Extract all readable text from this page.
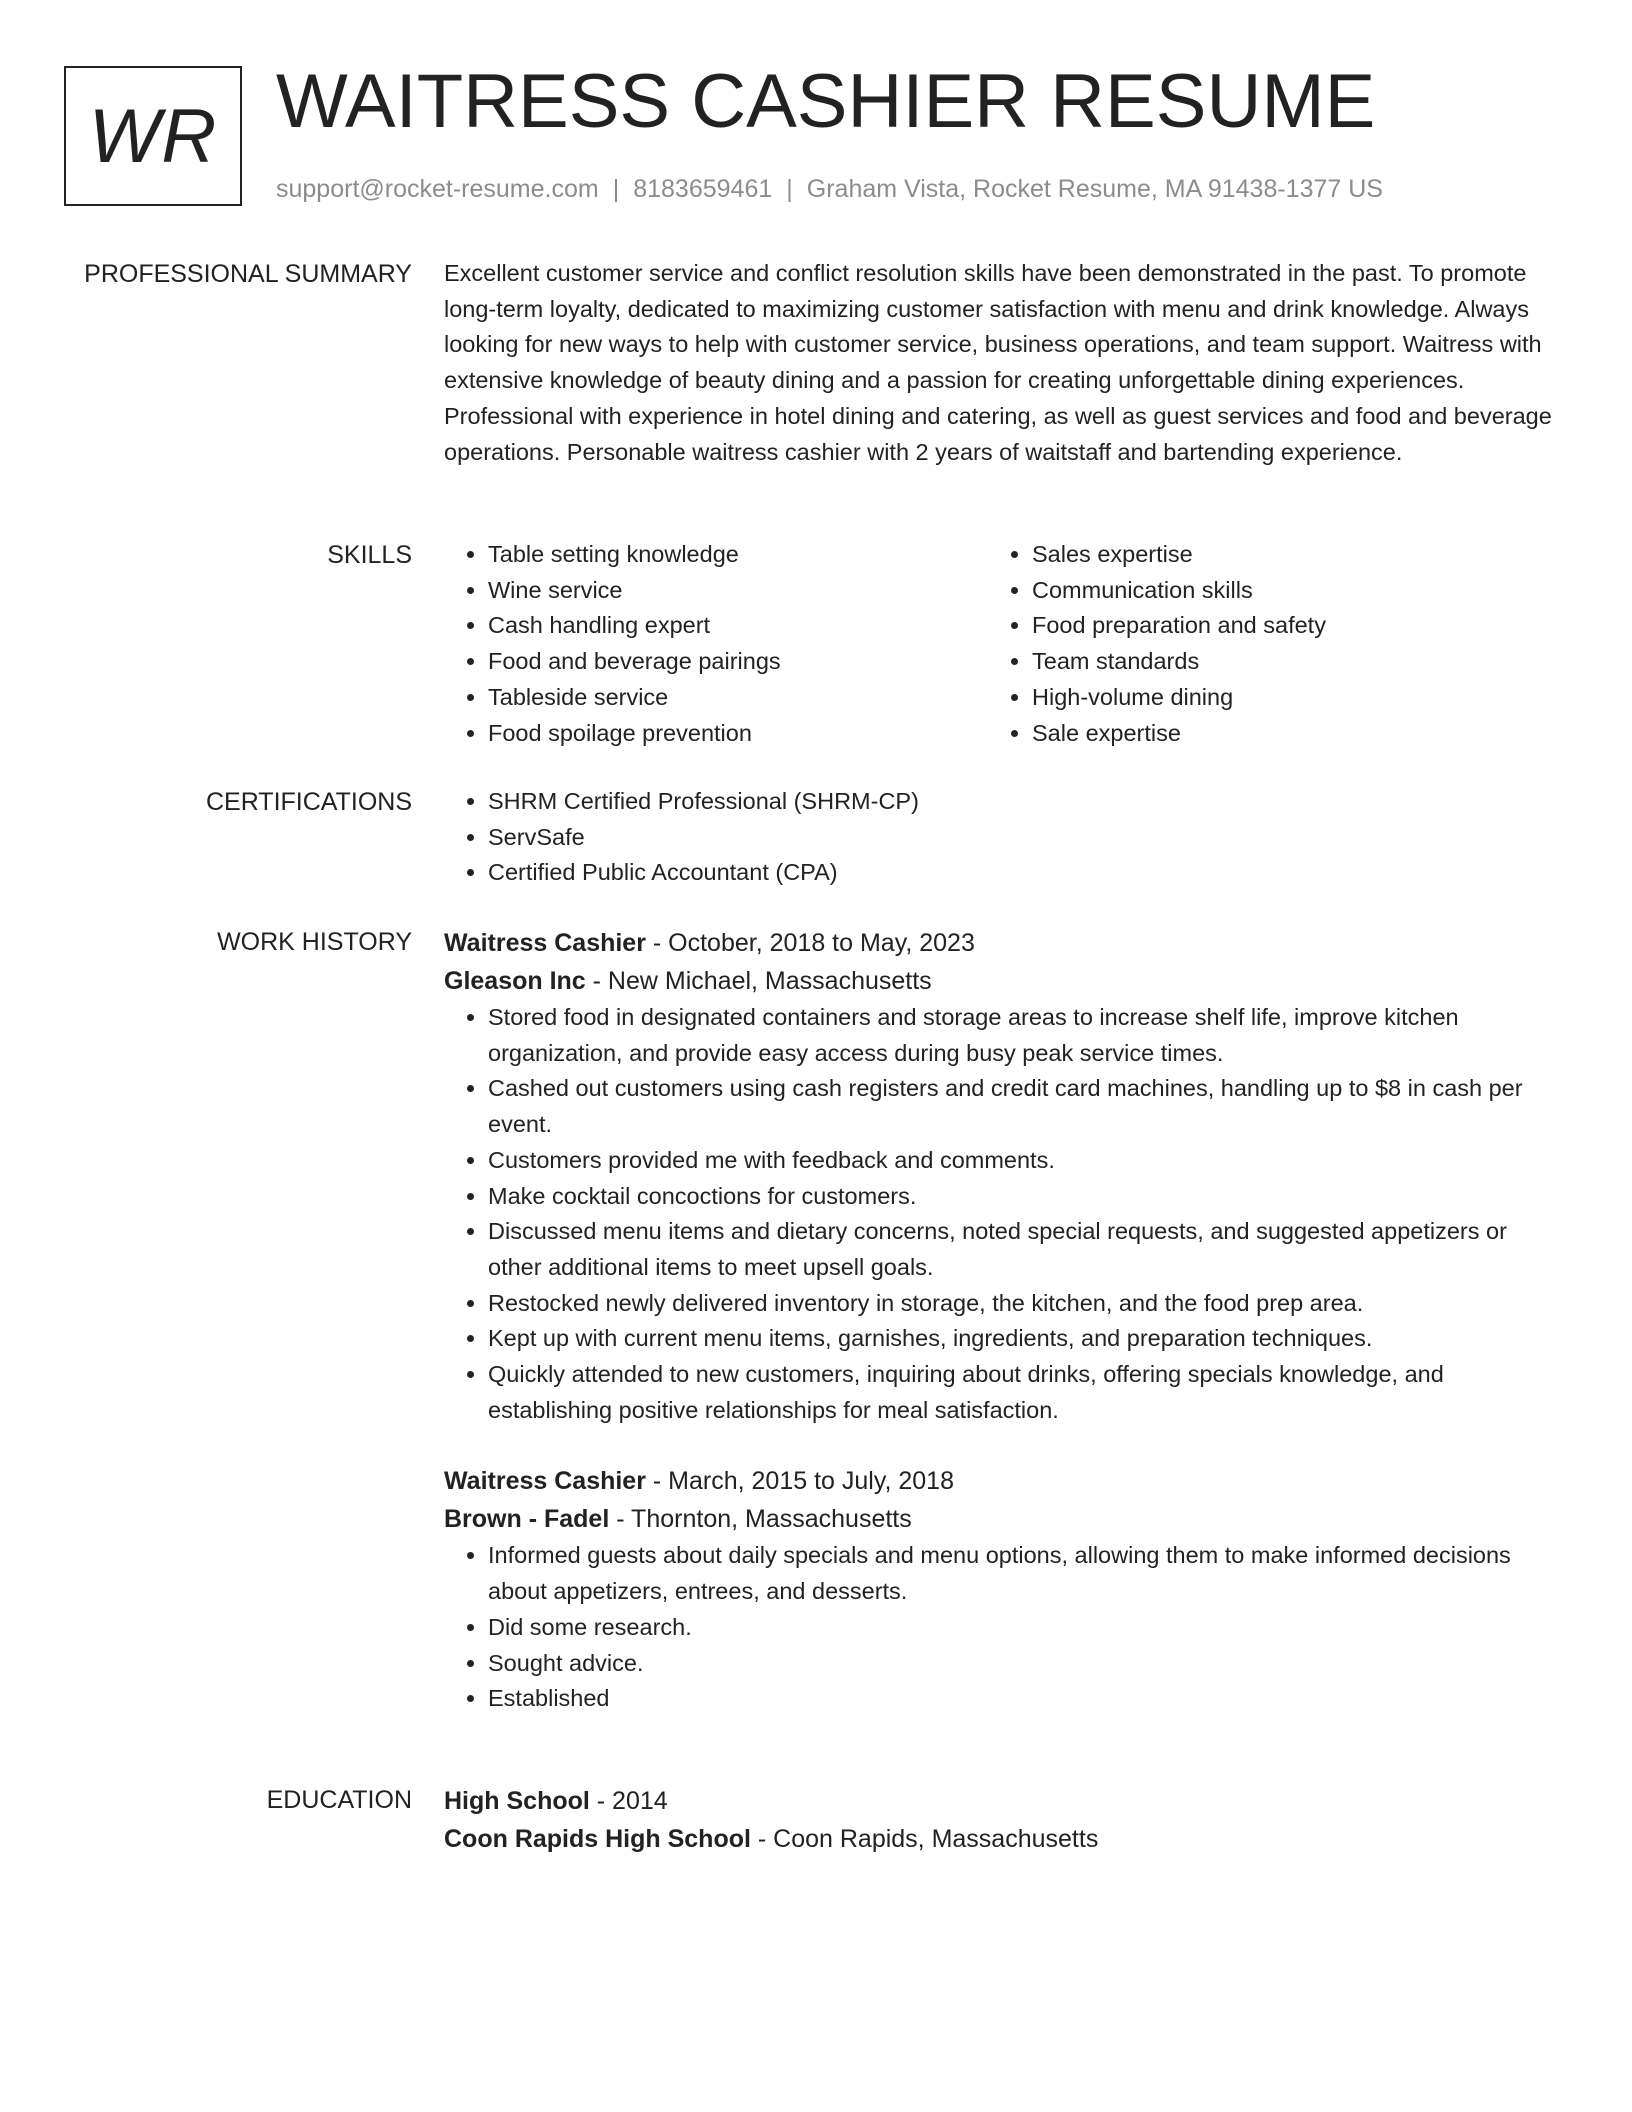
WR WAITRESS CASHIER RESUME
support@rocket-resume.com | 8183659461 | Graham Vista, Rocket Resume, MA 91438-1377 US
PROFESSIONAL SUMMARY Excellent customer service and conflict resolution skills have been demonstrated in the past. To promote long-term loyalty, dedicated to maximizing customer satisfaction with menu and drink knowledge. Always looking for new ways to help with customer service, business operations, and team support. Waitress with extensive knowledge of beauty dining and a passion for creating unforgettable dining experiences. Professional with experience in hotel dining and catering, as well as guest services and food and beverage operations. Personable waitress cashier with 2 years of waitstaff and bartending experience.

SKILLS	• Table setting knowledge
• Wine service
• Cash handling expert
• Food and beverage pairings
• Tableside service
• Food spoilage prevention
• Sales expertise
• Communication skills
• Food preparation and safety
• Team standards
• High-volume dining
• Sale expertise
CERTIFICATIONS	• SHRM Certified Professional (SHRM-CP)
• ServSafe
• Certified Public Accountant (CPA)
WORK HISTORY Waitress Cashier - October, 2018 to May, 2023
Gleason Inc - New Michael, Massachusetts
• Stored food in designated containers and storage areas to increase shelf life, improve kitchen organization, and provide easy access during busy peak service times.
• Cashed out customers using cash registers and credit card machines, handling up to $8 in cash per event.
• Customers provided me with feedback and comments.
• Make cocktail concoctions for customers.
• Discussed menu items and dietary concerns, noted special requests, and suggested appetizers or other additional items to meet upsell goals.
• Restocked newly delivered inventory in storage, the kitchen, and the food prep area.
• Kept up with current menu items, garnishes, ingredients, and preparation techniques.
• Quickly attended to new customers, inquiring about drinks, offering specials knowledge, and establishing positive relationships for meal satisfaction.
Waitress Cashier - March, 2015 to July, 2018
Brown - Fadel - Thornton, Massachusetts
• Informed guests about daily specials and menu options, allowing them to make informed decisions about appetizers, entrees, and desserts.
• Did some research.
• Sought advice.
• Established
EDUCATION High School - 2014
Coon Rapids High School - Coon Rapids, Massachusetts
